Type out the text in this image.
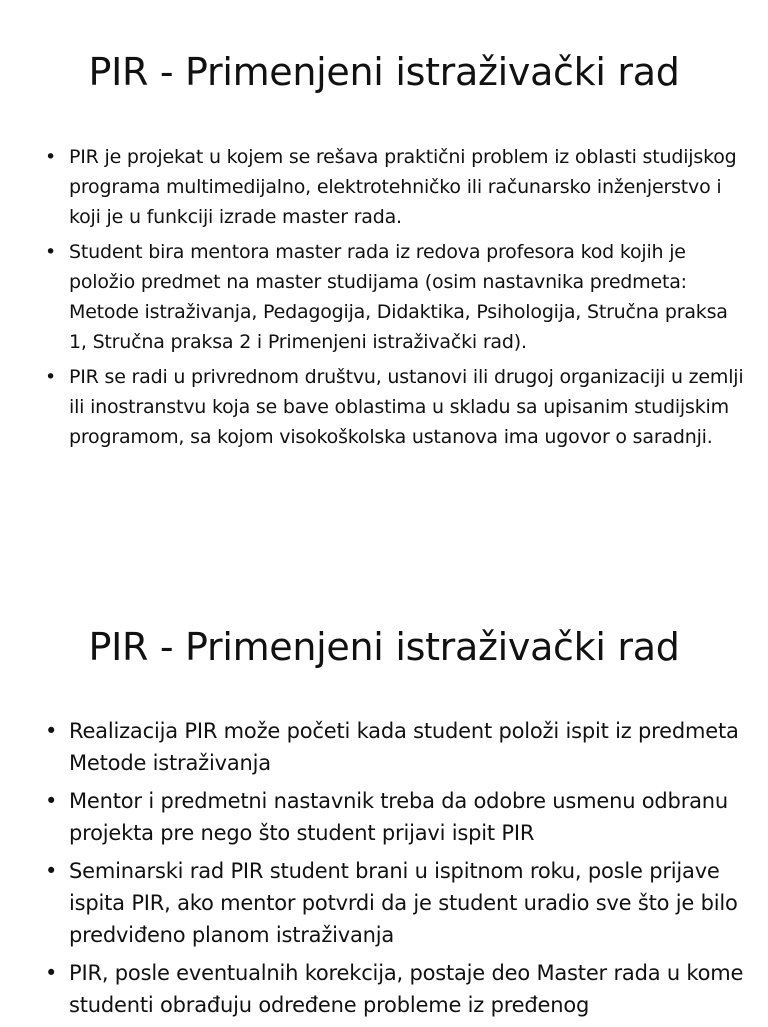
PIR - Primenjeni istraživački rad
• PIR je projekat u kojem se rešava praktični problem iz oblasti studijskog programa multimedijalno, elektrotehničko ili računarsko inženjerstvo i koji je u funkciji izrade master rada.
• Student bira mentora master rada iz redova profesora kod kojih je položio predmet na master studijama (osim nastavnika predmeta: Metode istraživanja, Pedagogija, Didaktika, Psihologija, Stručna praksa 1, Stručna praksa 2 i Primenjeni istraživački rad).
• PIR se radi u privrednom društvu, ustanovi ili drugoj organizaciji u zemlji ili inostranstvu koja se bave oblastima u skladu sa upisanim studijskim programom, sa kojom visokoškolska ustanova ima ugovor o saradnji.
PIR - Primenjeni istraživački rad
• Realizacija PIR može početi kada student položi ispit iz predmeta Metode istraživanja
• Mentor i predmetni nastavnik treba da odobre usmenu odbranu projekta pre nego što student prijavi ispit PIR
• Seminarski rad PIR student brani u ispitnom roku, posle prijave ispita PIR, ako mentor potvrdi da je student uradio sve što je bilo predviđeno planom istraživanja
• PIR, posle eventualnih korekcija, postaje deo Master rada u kome studenti obrađuju određene probleme iz pređenog
